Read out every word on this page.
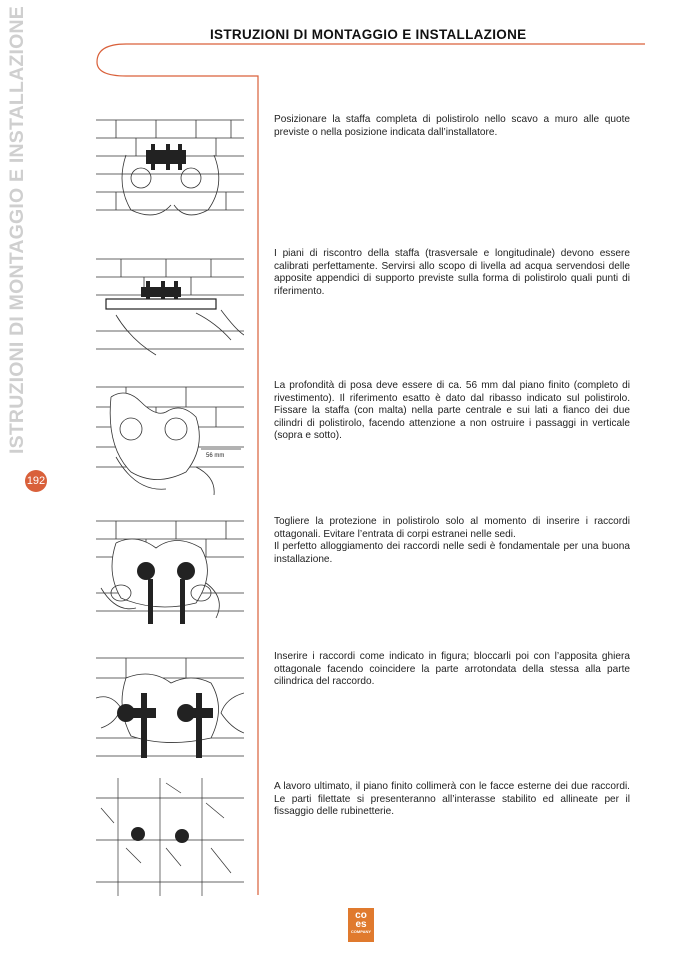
ISTRUZIONI DI MONTAGGIO E INSTALLAZIONE
192
ISTRUZIONI DI MONTAGGIO E INSTALLAZIONE
Posizionare la staffa completa di polistirolo nello scavo a muro alle quote previste o nella posizione indicata dall’installatore.
I piani di riscontro della staffa (trasversale e longitudinale) devono essere calibrati perfettamente. Servirsi allo scopo di livella ad acqua servendosi delle apposite appendici di supporto previste sulla forma di polistirolo quali punti di riferimento.
56 mm
La profondità di posa deve essere di ca. 56 mm dal piano finito (completo di rivestimento). Il riferimento esatto è dato dal ribasso indicato sul polistirolo. Fissare la staffa (con malta) nella parte centrale e sui lati a fianco dei due cilindri di polistirolo, facendo attenzione a non ostruire i passaggi in verticale (sopra e sotto).
Togliere la protezione in polistirolo solo al momento di inserire i raccordi ottagonali. Evitare l’entrata di corpi estranei nelle sedi.
Il perfetto alloggiamento dei raccordi nelle sedi è fondamentale per una buona installazione.
Inserire i raccordi come indicato in figura; bloccarli poi con l’apposita ghiera ottagonale facendo coincidere la parte arrotondata della stessa alla parte cilindrica del raccordo.
A lavoro ultimato, il piano finito collimerà con le facce esterne dei due raccordi. Le parti filettate si presenteranno all’interasse stabilito ed allineate per il fissaggio delle rubinetterie.
co
es
COMPANY
